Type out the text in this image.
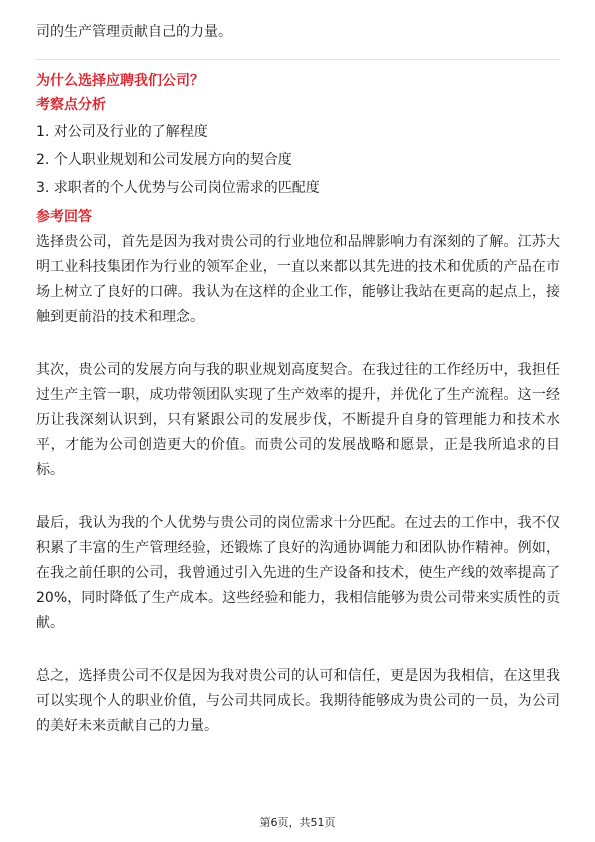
司的生产管理贡献自己的力量。

为什么选择应聘我们公司？

考察点分析

1. 对公司及行业的了解程度

2. 个人职业规划和公司发展方向的契合度

3. 求职者的个人优势与公司岗位需求的匹配度

参考回答

选择贵公司，首先是因为我对贵公司的行业地位和品牌影响力有深刻的了解。江苏大明工业科技集团作为行业的领军企业，一直以来都以其先进的技术和优质的产品在市场上树立了良好的口碑。我认为在这样的企业工作，能够让我站在更高的起点上，接触到更前沿的技术和理念。

其次，贵公司的发展方向与我的职业规划高度契合。在我过往的工作经历中，我担任过生产主管一职，成功带领团队实现了生产效率的提升，并优化了生产流程。这一经历让我深刻认识到，只有紧跟公司的发展步伐，不断提升自身的管理能力和技术水平，才能为公司创造更大的价值。而贵公司的发展战略和愿景，正是我所追求的目标。

最后，我认为我的个人优势与贵公司的岗位需求十分匹配。在过去的工作中，我不仅积累了丰富的生产管理经验，还锻炼了良好的沟通协调能力和团队协作精神。例如，在我之前任职的公司，我曾通过引入先进的生产设备和技术，使生产线的效率提高了20%，同时降低了生产成本。这些经验和能力，我相信能够为贵公司带来实质性的贡献。

总之，选择贵公司不仅是因为我对贵公司的认可和信任，更是因为我相信，在这里我可以实现个人的职业价值，与公司共同成长。我期待能够成为贵公司的一员，为公司的美好未来贡献自己的力量。

第6页，共51页
